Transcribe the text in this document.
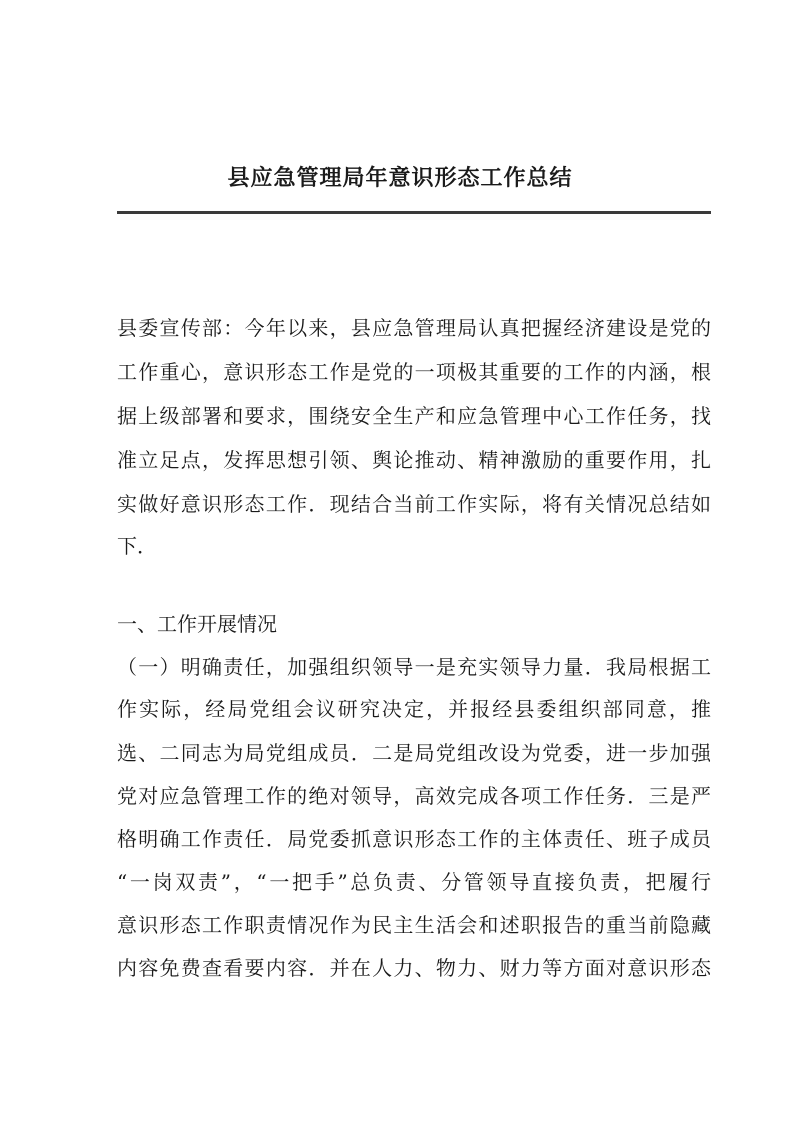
县应急管理局年意识形态工作总结
县委宣传部：今年以来，县应急管理局认真把握经济建设是党的
工作重心，意识形态工作是党的一项极其重要的工作的内涵，根
据上级部署和要求，围绕安全生产和应急管理中心工作任务，找
准立足点，发挥思想引领、舆论推动、精神激励的重要作用，扎
实做好意识形态工作．现结合当前工作实际，将有关情况总结如
下．
一、工作开展情况
（一）明确责任，加强组织领导一是充实领导力量．我局根据工
作实际，经局党组会议研究决定，并报经县委组织部同意，推
选、二同志为局党组成员．二是局党组改设为党委，进一步加强
党对应急管理工作的绝对领导，高效完成各项工作任务．三是严
格明确工作责任．局党委抓意识形态工作的主体责任、班子成员
“一岗双责”，“一把手”总负责、分管领导直接负责，把履行
意识形态工作职责情况作为民主生活会和述职报告的重当前隐藏
内容免费查看要内容．并在人力、物力、财力等方面对意识形态
